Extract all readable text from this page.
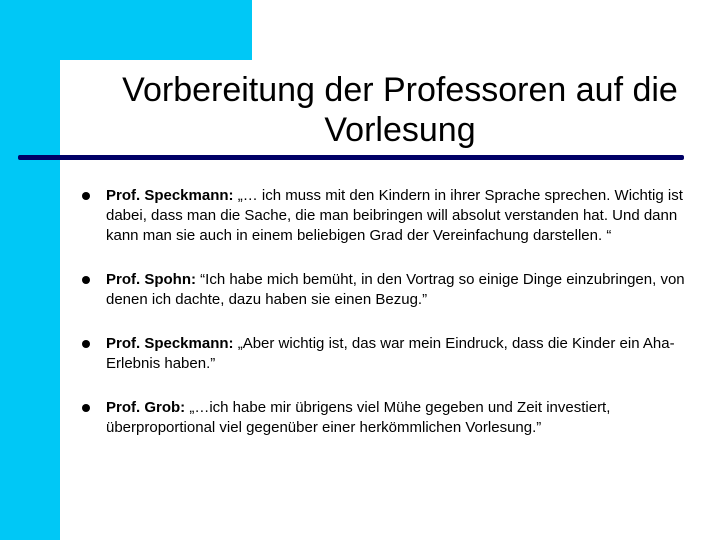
Vorbereitung der Professoren auf die Vorlesung
Prof. Speckmann: „… ich muss mit den Kindern in ihrer Sprache sprechen. Wichtig ist dabei, dass man die Sache, die man beibringen will absolut verstanden hat. Und dann kann man sie auch in einem beliebigen Grad der Vereinfachung darstellen. “
Prof. Spohn: “Ich habe mich bemüht, in den Vortrag so einige Dinge einzubringen, von denen ich dachte, dazu haben sie einen Bezug.”
Prof. Speckmann: „Aber wichtig ist, das war mein Eindruck, dass die Kinder ein Aha-Erlebnis haben.”
Prof. Grob: „…ich habe mir übrigens viel Mühe gegeben und Zeit investiert, überproportional viel gegenüber einer herkömmlichen Vorlesung.”
